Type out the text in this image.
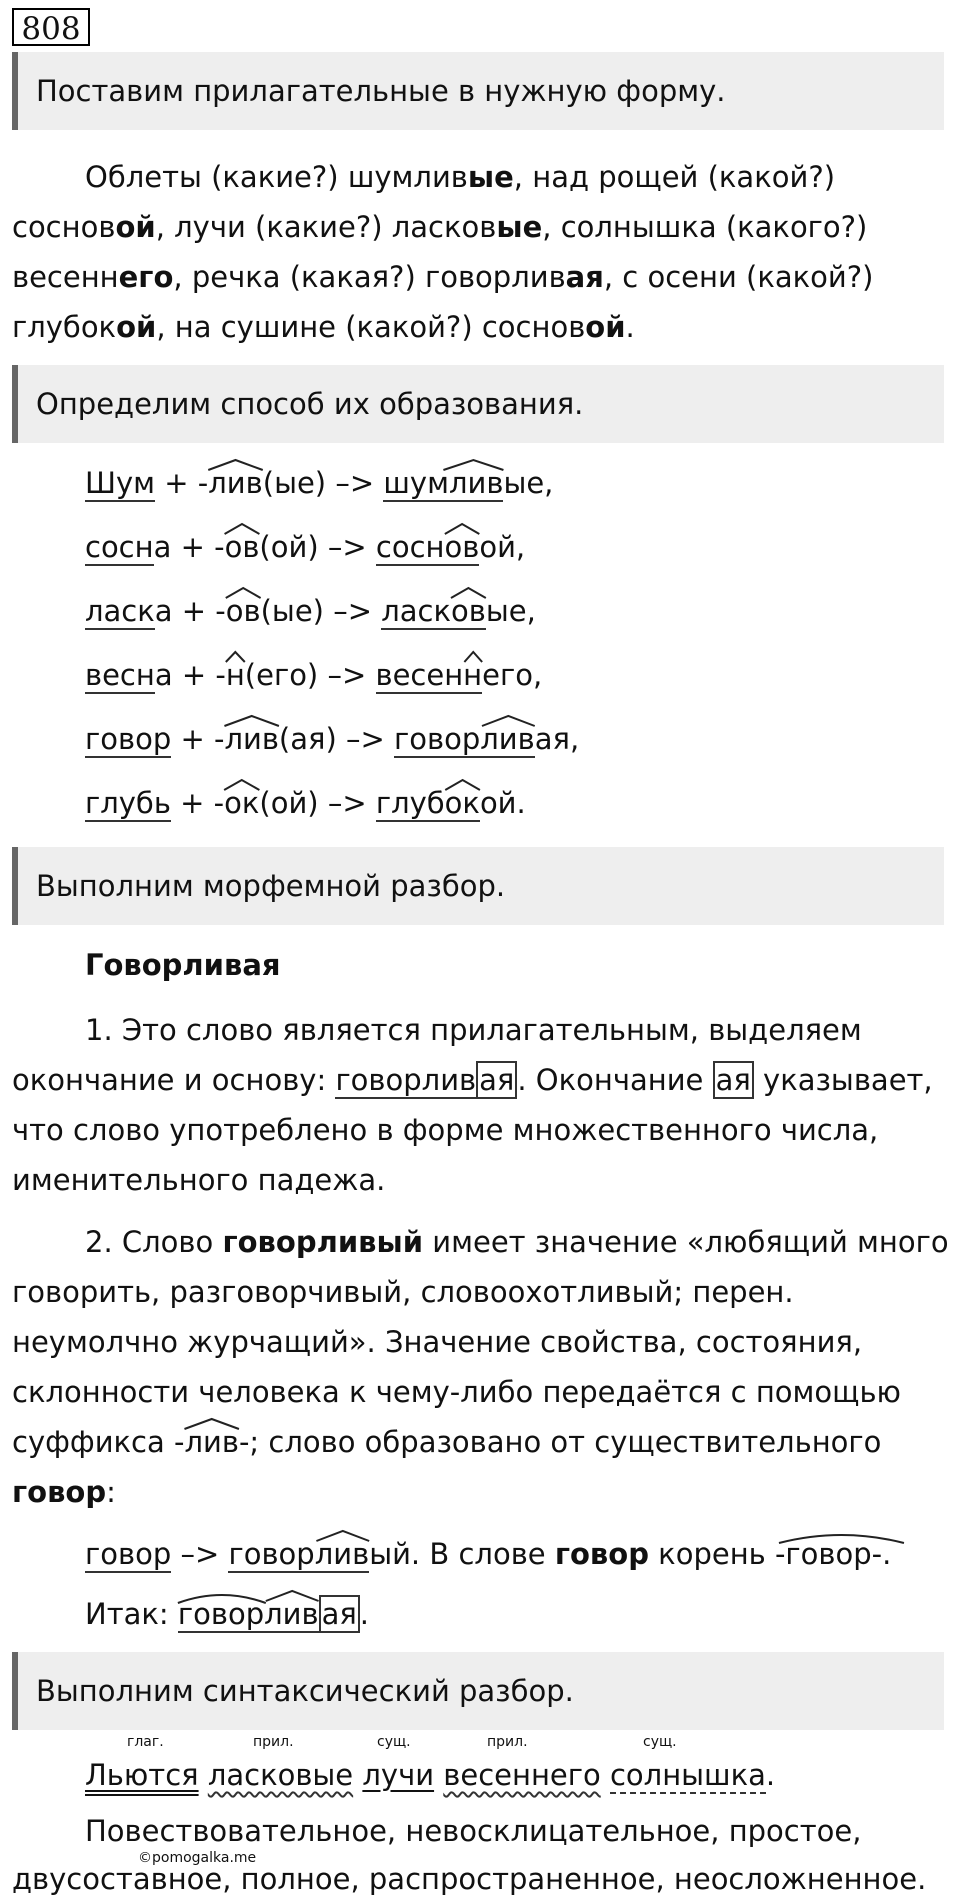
808
Поставим прилагательные в нужную форму.
Облеты (какие?) шумливые, над рощей (какой?)
сосновой, лучи (какие?) ласковые, солнышка (какого?)
весеннего, речка (какая?) говорливая, с осени (какой?)
глубокой, на сушине (какой?) сосновой.
Определим способ их образования.
Шум + -лив(ые) –> шумливые,
сосна + -ов(ой) –> сосновой,
ласка + -ов(ые) –> ласковые,
весна + -н(его) –> весеннего,
говор + -лив(ая) –> говорливая,
глубь + -ок(ой) –> глубокой.
Выполним морфемной разбор.
Говорливая
1. Это слово является прилагательным, выделяем
окончание и основу: говорлив ая . Окончание ая указывает,
что слово употреблено в форме множественного числа,
именительного падежа.
2. Слово говорливый имеет значение «любящий много
говорить, разговорчивый, словоохотливый; перен.
неумолчно журчащий». Значение свойства, состояния,
склонности человека к чему-либо передаётся с помощью
суффикса -лив-; слово образовано от существительного
говор:
говор –> говорливый. В слове говор корень -говор-.
Итак: говорлив ая .
Выполним синтаксический разбор.
глаг.	прил.	сущ.	прил.	сущ.
Льются ласковые лучи весеннего солнышка.
Повествовательное, невосклицательное, простое,
двусоставное, полное, распространенное, неосложненное.
©pomogalka.me
